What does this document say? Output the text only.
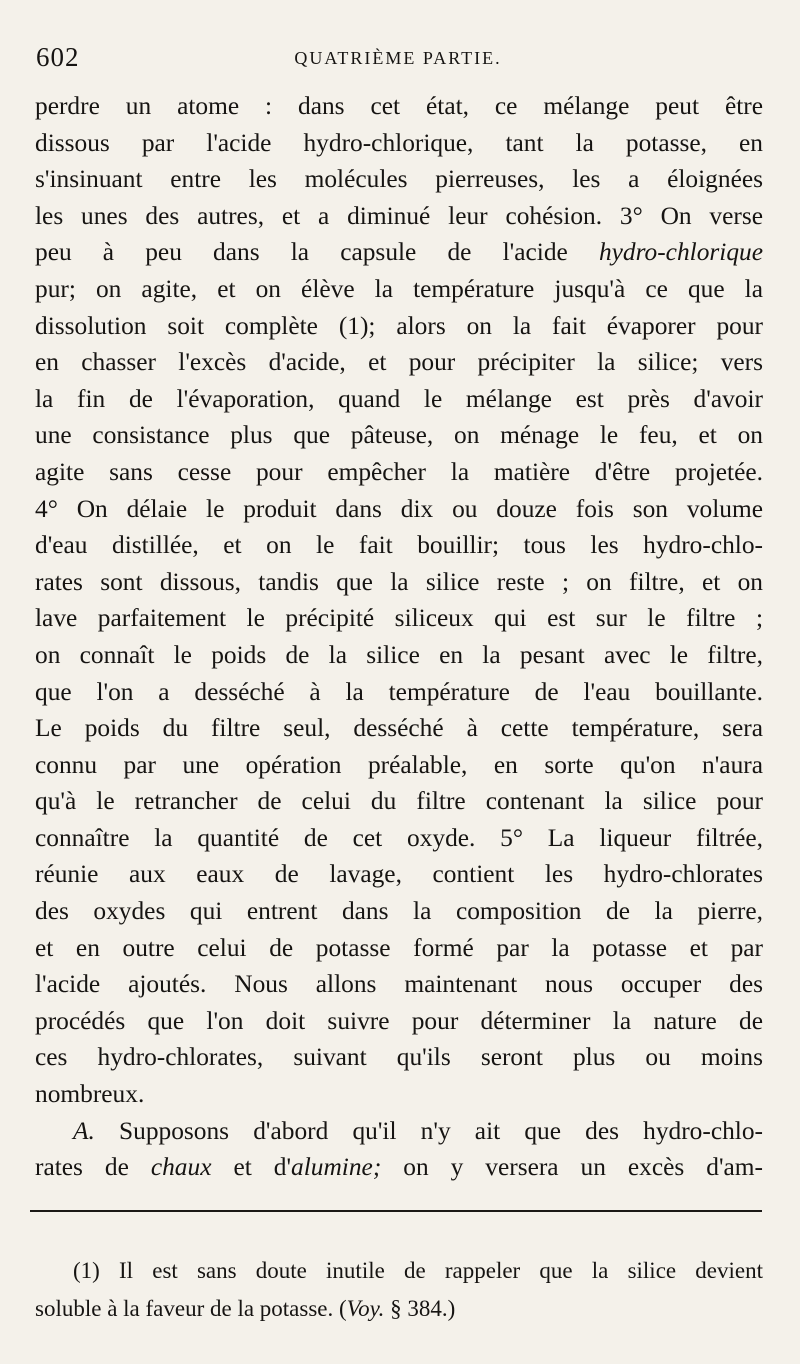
602	QUATRIÈME PARTIE.
perdre un atome : dans cet état, ce mélange peut être
dissous par l'acide hydro-chlorique, tant la potasse, en
s'insinuant entre les molécules pierreuses, les a éloignées
les unes des autres, et a diminué leur cohésion. 3° On verse
peu à peu dans la capsule de l'acide hydro-chlorique
pur; on agite, et on élève la température jusqu'à ce que la
dissolution soit complète (1); alors on la fait évaporer pour
en chasser l'excès d'acide, et pour précipiter la silice; vers
la fin de l'évaporation, quand le mélange est près d'avoir
une consistance plus que pâteuse, on ménage le feu, et on
agite sans cesse pour empêcher la matière d'être projetée.
4° On délaie le produit dans dix ou douze fois son volume
d'eau distillée, et on le fait bouillir; tous les hydro-chlo-
rates sont dissous, tandis que la silice reste ; on filtre, et on
lave parfaitement le précipité siliceux qui est sur le filtre ;
on connaît le poids de la silice en la pesant avec le filtre,
que l'on a desséché à la température de l'eau bouillante.
Le poids du filtre seul, desséché à cette température, sera
connu par une opération préalable, en sorte qu'on n'aura
qu'à le retrancher de celui du filtre contenant la silice pour
connaître la quantité de cet oxyde. 5° La liqueur filtrée,
réunie aux eaux de lavage, contient les hydro-chlorates
des oxydes qui entrent dans la composition de la pierre,
et en outre celui de potasse formé par la potasse et par
l'acide ajoutés. Nous allons maintenant nous occuper des
procédés que l'on doit suivre pour déterminer la nature de
ces hydro-chlorates, suivant qu'ils seront plus ou moins
nombreux.
A. Supposons d'abord qu'il n'y ait que des hydro-chlo-
rates de chaux et d'alumine; on y versera un excès d'am-
(1) Il est sans doute inutile de rappeler que la silice devient
soluble à la faveur de la potasse. (Voy. § 384.)
